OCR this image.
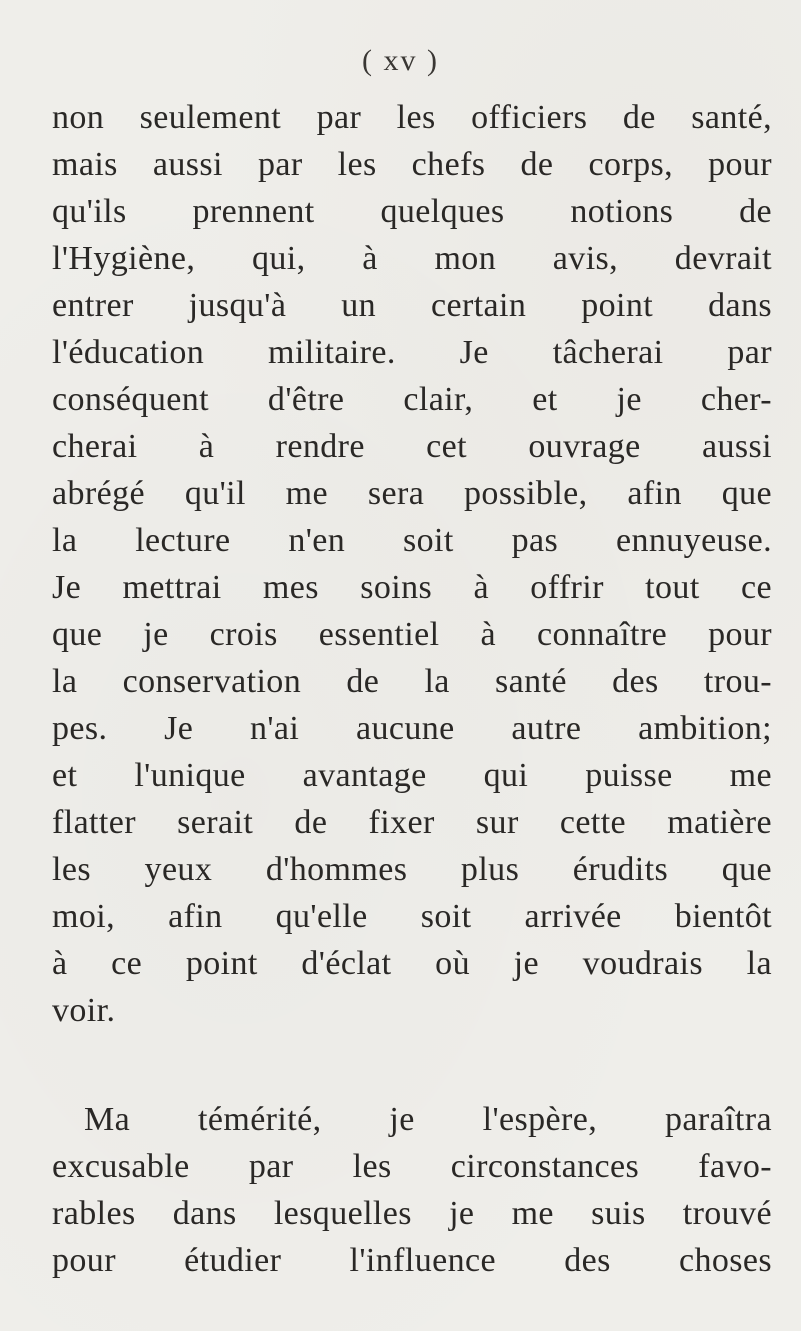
( xv )
non seulement par les officiers de santé,
mais aussi par les chefs de corps, pour
qu'ils prennent quelques notions de
l'Hygiène, qui, à mon avis, devrait
entrer jusqu'à un certain point dans
l'éducation militaire. Je tâcherai par
conséquent d'être clair, et je cher-
cherai à rendre cet ouvrage aussi
abrégé qu'il me sera possible, afin que
la lecture n'en soit pas ennuyeuse.
Je mettrai mes soins à offrir tout ce
que je crois essentiel à connaître pour
la conservation de la santé des trou-
pes. Je n'ai aucune autre ambition;
et l'unique avantage qui puisse me
flatter serait de fixer sur cette matière
les yeux d'hommes plus érudits que
moi, afin qu'elle soit arrivée bientôt
à ce point d'éclat où je voudrais la
voir.
Ma témérité, je l'espère, paraîtra
excusable par les circonstances favo-
rables dans lesquelles je me suis trouvé
pour étudier l'influence des choses
